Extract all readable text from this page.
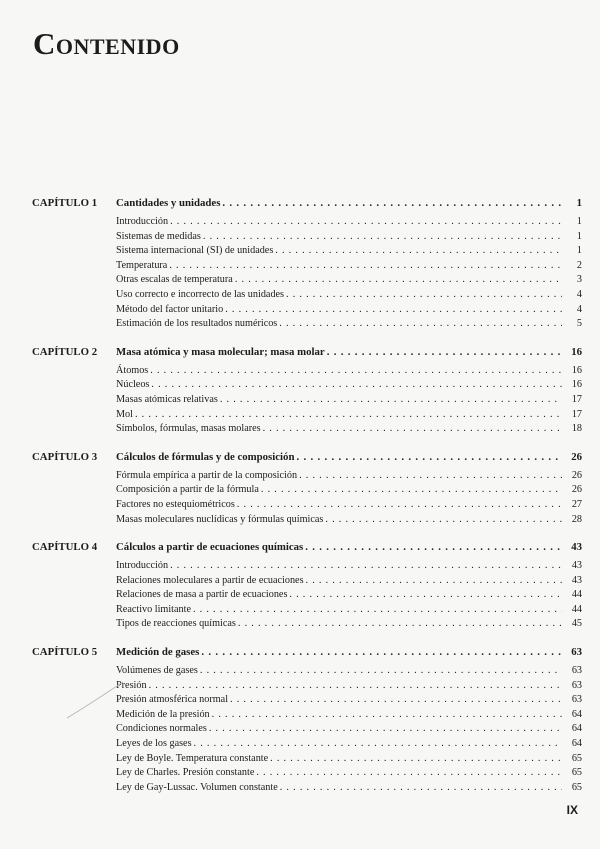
Contenido
CAPÍTULO 1	Cantidades y unidades . . .	1
Introducción . . .	1
Sistemas de medidas . . .	1
Sistema internacional (SI) de unidades . . .	1
Temperatura . . .	2
Otras escalas de temperatura . . .	3
Uso correcto e incorrecto de las unidades . . .	4
Método del factor unitario . . .	4
Estimación de los resultados numéricos . . .	5
CAPÍTULO 2	Masa atómica y masa molecular; masa molar . . .	16
Átomos . . .	16
Núcleos . . .	16
Masas atómicas relativas . . .	17
Mol . . .	17
Símbolos, fórmulas, masas molares . . .	18
CAPÍTULO 3	Cálculos de fórmulas y de composición . . .	26
Fórmula empírica a partir de la composición . . .	26
Composición a partir de la fórmula . . .	26
Factores no estequiométricos . . .	27
Masas moleculares nuclídicas y fórmulas químicas . . .	28
CAPÍTULO 4	Cálculos a partir de ecuaciones químicas . . .	43
Introducción . . .	43
Relaciones moleculares a partir de ecuaciones . . .	43
Relaciones de masa a partir de ecuaciones . . .	44
Reactivo limitante . . .	44
Tipos de reacciones químicas . . .	45
CAPÍTULO 5	Medición de gases . . .	63
Volúmenes de gases . . .	63
Presión . . .	63
Presión atmosférica normal . . .	63
Medición de la presión . . .	64
Condiciones normales . . .	64
Leyes de los gases . . .	64
Ley de Boyle. Temperatura constante . . .	65
Ley de Charles. Presión constante . . .	65
Ley de Gay-Lussac. Volumen constante . . .	65
IX
